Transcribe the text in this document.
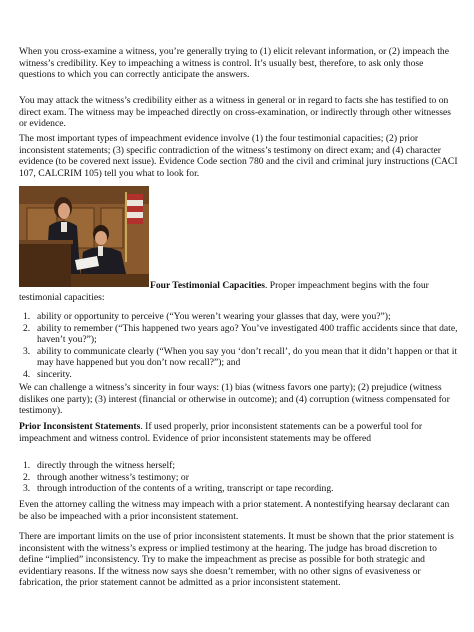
When you cross-examine a witness, you’re generally trying to (1) elicit relevant information, or (2) impeach the witness’s credibility. Key to impeaching a witness is control. It’s usually best, therefore, to ask only those questions to which you can correctly anticipate the answers.

You may attack the witness’s credibility either as a witness in general or in regard to facts she has testified to on direct exam. The witness may be impeached directly on cross-examination, or indirectly through other witnesses or evidence.

The most important types of impeachment evidence involve (1) the four testimonial capacities; (2) prior inconsistent statements; (3) specific contradiction of the witness’s testimony on direct exam; and (4) character evidence (to be covered next issue). Evidence Code section 780 and the civil and criminal jury instructions (CACI 107, CALCRIM 105) tell you what to look for.

Four Testimonial Capacities. Proper impeachment begins with the four

testimonial capacities:

1. ability or opportunity to perceive (“You weren’t wearing your glasses that day, were you?”);
2. ability to remember (“This happened two years ago? You’ve investigated 400 traffic accidents since that date, haven’t you?”);
3. ability to communicate clearly (“When you say you ‘don’t recall’, do you mean that it didn’t happen or that it may have happened but you don’t now recall?”); and
4. sincerity.

We can challenge a witness’s sincerity in four ways: (1) bias (witness favors one party); (2) prejudice (witness dislikes one party); (3) interest (financial or otherwise in outcome); and (4) corruption (witness compensated for testimony).

Prior Inconsistent Statements. If used properly, prior inconsistent statements can be a powerful tool for impeachment and witness control. Evidence of prior inconsistent statements may be offered

1. directly through the witness herself;
2. through another witness’s testimony; or
3. through introduction of the contents of a writing, transcript or tape recording.

Even the attorney calling the witness may impeach with a prior statement. A nontestifying hearsay declarant can be also be impeached with a prior inconsistent statement.

There are important limits on the use of prior inconsistent statements. It must be shown that the prior statement is inconsistent with the witness’s express or implied testimony at the hearing. The judge has broad discretion to define “implied” inconsistency. Try to make the impeachment as precise as possible for both strategic and evidentiary reasons. If the witness now says she doesn’t remember, with no other signs of evasiveness or fabrication, the prior statement cannot be admitted as a prior inconsistent statement.
